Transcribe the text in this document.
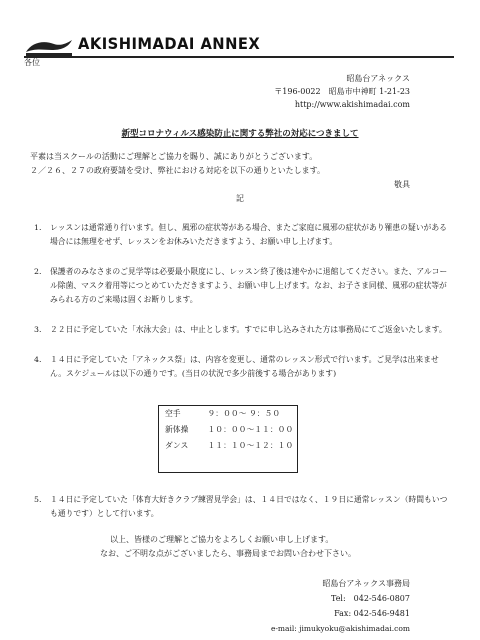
AKISHIMADAI ANNEX
各位
昭島台アネックス
〒196-0022　昭島市中神町 1-21-23
http://www.akishimadai.com
新型コロナウィルス感染防止に関する弊社の対応につきまして
平素は当スクールの活動にご理解とご協力を賜り、誠にありがとうございます。
２／２６、２７の政府要請を受け、弊社における対応を以下の通りといたします。
敬具
記
1. レッスンは通常通り行います。但し、風邪の症状等がある場合、またご家庭に風邪の症状があり罹患の疑いがある場合には無理をせず、レッスンをお休みいただきますよう、お願い申し上げます。
2. 保護者のみなさまのご見学等は必要最小限度にし、レッスン終了後は速やかに退館してください。また、アルコール除菌、マスク着用等につとめていただきますよう、お願い申し上げます。なお、お子さま同様、風邪の症状等がみられる方のご来場は固くお断りします。
3. ２２日に予定していた「水泳大会」は、中止とします。すでに申し込みされた方は事務局にてご返金いたします。
4. １４日に予定していた「アネックス祭」は、内容を変更し、通常のレッスン形式で行います。ご見学は出来ません。スケジュールは以下の通りです。(当日の状況で多少前後する場合があります)
空手	９：００～ ９：５０
新体操 １０：００～１１：００
ダンス １１：１０～１２：１０
5. １４日に予定していた「体育大好きクラブ練習見学会」は、１４日ではなく、１９日に通常レッスン（時間もいつも通りです）として行います。
以上、皆様のご理解とご協力をよろしくお願い申し上げます。
なお、ご不明な点がございましたら、事務局までお問い合わせ下さい。
昭島台アネックス事務局
Tel:　042-546-0807
Fax: 042-546-9481
e-mail: jimukyoku@akishimadai.com
